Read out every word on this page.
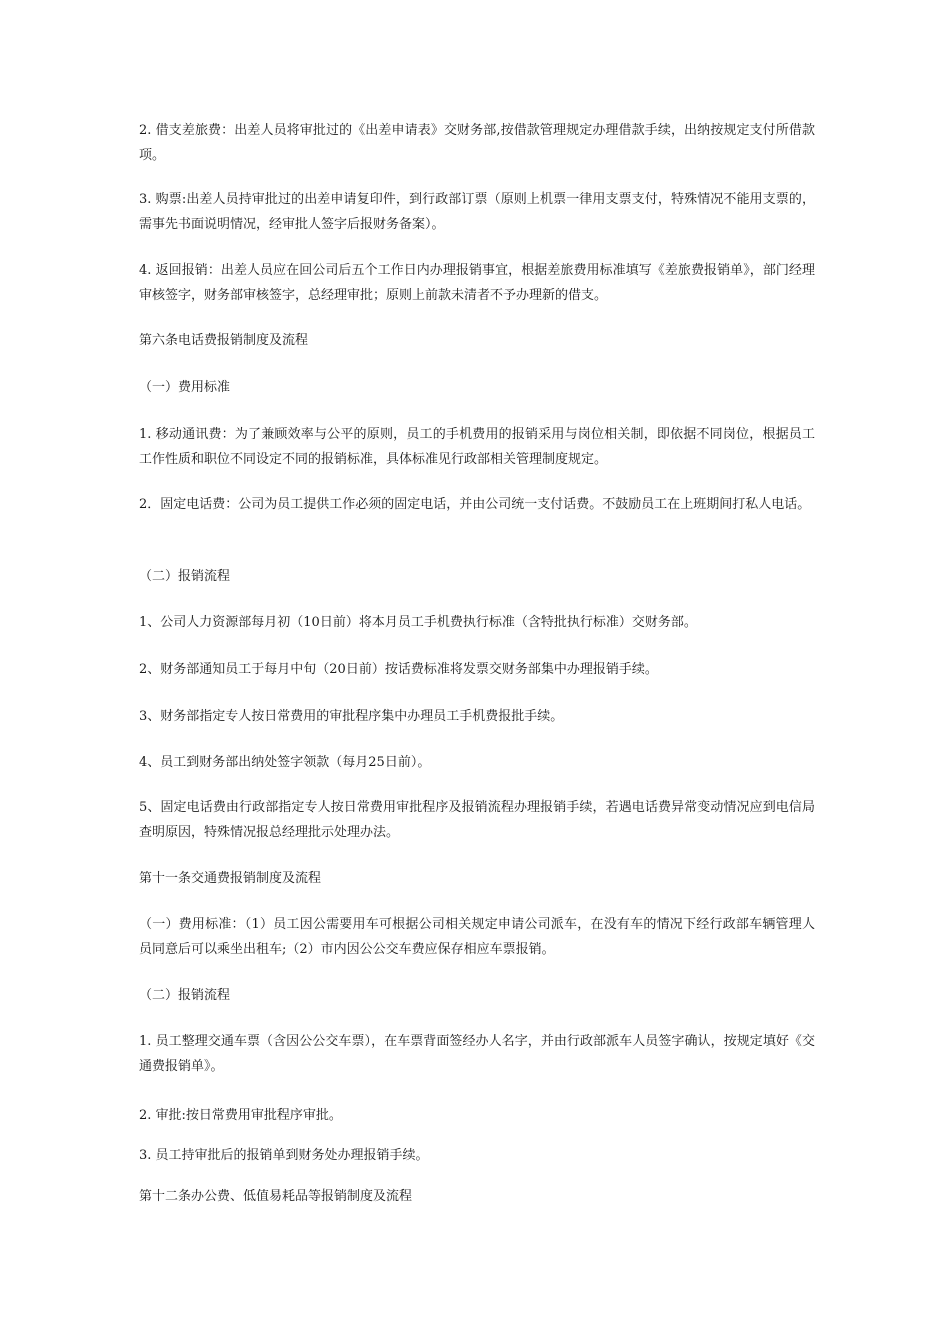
2. 借支差旅费：出差人员将审批过的《出差申请表》交财务部,按借款管理规定办理借款手续，出纳按规定支付所借款项。

3. 购票:出差人员持审批过的出差申请复印件，到行政部订票（原则上机票一律用支票支付，特殊情况不能用支票的，需事先书面说明情况，经审批人签字后报财务备案）。

4. 返回报销：出差人员应在回公司后五个工作日内办理报销事宜，根据差旅费用标准填写《差旅费报销单》，部门经理审核签字，财务部审核签字，总经理审批；原则上前款未清者不予办理新的借支。

第六条电话费报销制度及流程

（一）费用标准

1. 移动通讯费：为了兼顾效率与公平的原则，员工的手机费用的报销采用与岗位相关制，即依据不同岗位，根据员工工作性质和职位不同设定不同的报销标准，具体标准见行政部相关管理制度规定。

2．固定电话费：公司为员工提供工作必须的固定电话，并由公司统一支付话费。不鼓励员工在上班期间打私人电话。

（二）报销流程

1、公司人力资源部每月初（10日前）将本月员工手机费执行标准（含特批执行标准）交财务部。

2、财务部通知员工于每月中旬（20日前）按话费标准将发票交财务部集中办理报销手续。

3、财务部指定专人按日常费用的审批程序集中办理员工手机费报批手续。

4、员工到财务部出纳处签字领款（每月25日前）。

5、固定电话费由行政部指定专人按日常费用审批程序及报销流程办理报销手续，若遇电话费异常变动情况应到电信局查明原因，特殊情况报总经理批示处理办法。

第十一条交通费报销制度及流程

（一）费用标准：（1）员工因公需要用车可根据公司相关规定申请公司派车，在没有车的情况下经行政部车辆管理人员同意后可以乘坐出租车;（2）市内因公公交车费应保存相应车票报销。

（二）报销流程

1. 员工整理交通车票（含因公公交车票），在车票背面签经办人名字，并由行政部派车人员签字确认，按规定填好《交通费报销单》。

2. 审批:按日常费用审批程序审批。

3. 员工持审批后的报销单到财务处办理报销手续。

第十二条办公费、低值易耗品等报销制度及流程
